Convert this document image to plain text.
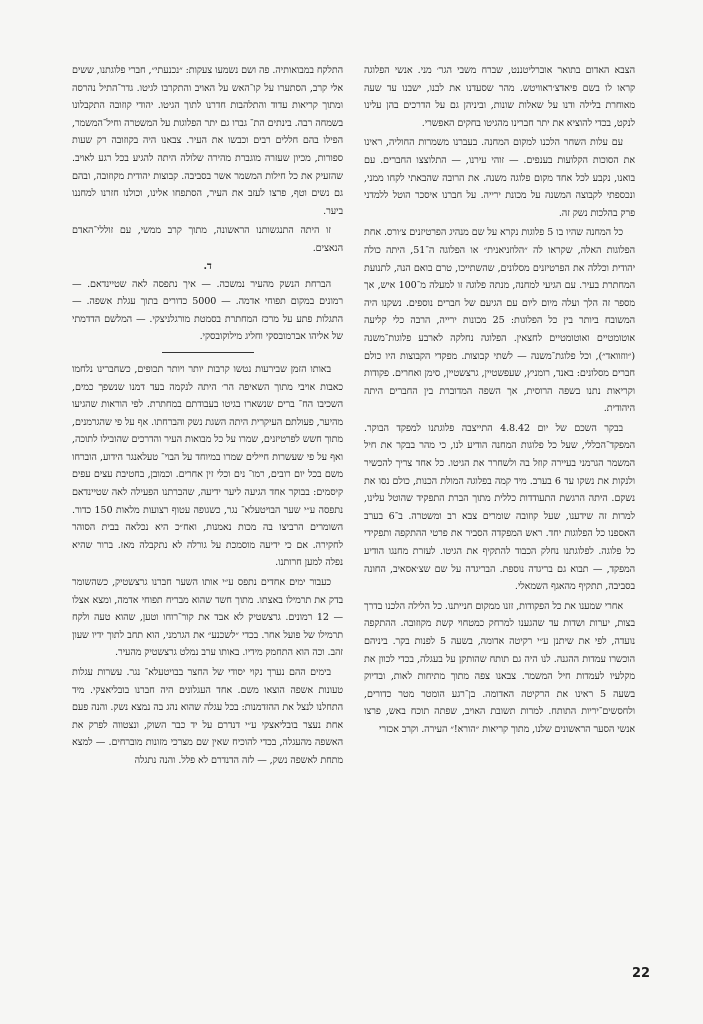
הצבא האדום בתואר אוברליטננט, שברח משבי הגר׳ מני. אנשי הפלוגה קראו לו בשם פיאדצ׳ראוויטש. מהר שסעדנו את לבנו, ישבנו עד שעה מאוחרת בלילה ודנו על שאלות שונות, וביניהן גם על הדרכים בהן עלינו לנקט, בכדי להוציא את יתר חברינו מהגיטו בחקים האפשרי.

עם עלות השחר הלכנו למקום המחנה. בעברנו משמרות החוליה, ראינו את הסוכות הקלועות בענפים. — זוהי עירנו, — התלוצצו החברים. עם בואנו, נקבע לכל אחד מקום פלוגה משנה. את הרובה שהבאתי לקחו ממני, ונכספתי לקבוצה המשנה על מכונת ירייה. על חברנו איסכר הוטל ללמדני פרק בהלכות נשק זה.

כל המחנה שהיו בו 5 פלוגות נקרא על שם מנהיג הפרטיזנים צ׳ורס. אחת הפלוגות האלה, שקראו לה ״הלוזניאנית״ או הפלוגה ה־51, היתה כולה יהודית וכללה את הפרטיזנים מסלונים, שהשתייכו, טרם בואם הנה, לתנועת המחתרת בעיר. עם הגיעי למחנה, מנתה פלוגה זו למעלה מ־100 איש, אך מספר זה הלך ועלה מיום ליום עם הגיעם של חברים נוספים. נשקנו היה המשובח ביותר בין כל הפלוגות: 25 מכונות ירייה, הרבה כלי קליעה אוטומטיים ואוטומטיים לחצאין. הפלוגה נחלקה לארבע פלוגות־משנה (״ווזוואד״), וכל פלוגת־משנה — לשתי קבוצות. מפקדי הקבוצות היו כולם חברים מסלונים: באנד, רומניץ, שעפשטיין, גרצשטיין, סימן ואחרים. פקודות וקריאות נתנו בשפה הרוסית, אך השפה המדוברת בין החברים היתה היהודית.

בבקר השכם של יום 4.8.42 התייצבה פלוגתנו למפקד הבוקר. המפקד־הכללי, שעל כל פלוגות המחנה הודיע לנו, כי מהר בבקר את חיל המשמר הגרמני בעיירה קוזל בה ולשחרר את הגיטו. כל אחד צריך להכשיר ולנקות את נשקו עד 6 בערב. מיד קמה בפלוגה המולת הכנות, כולם נסו את נשקם. היתה הרגשת התעודדות כללית מתוך הברת התפקיד שהוטל עלינו, למרות זה שידענו, שעל קוזובה שומרים צבא רב ומשטרה. ב־6 בערב האספנו כל הפלוגות יחד. ראש המפקדה הסביר את פרטי ההתקפה ותפקידי כל פלוגה. לפלוגתנו נחלק הכבוד להתקיף את הגיטו. לעזרת מחנגו הודיע המפקד, — תבוא גם בריגדה נוספת. הבריגדה על שם שצ׳אסאיב, החונה בסביבה, תתקיף מהאגף השמאלי.

אחרי שמענו את כל הפקודות, זזנו ממקום חנייתנו. כל הלילה הלכנו בדרך בצות, יערות ושדות עד שהגענו למרחק כמטחוי קשת מקוזובה. ההתקפה נועדה, לפי את שיתנן ע״י רקיטה אדומה, בשעה 5 לפנות בקר. ביניהם הוכשרו עמדות ההגנה. לנו היה גם תותח שהותקן על בעגלה, בכדי לכוון את מקלעיו לעמדות חיל המשמר. צבאנו צפה מתוך מתיחות לאות, ובדיוק בשעה 5 ראינו את הרקיטה האדומה. בן־רגע הומטר מטר כדורים, ולחסשים־יריות התותח. למרות תשובת האויב, שפתה תוכח באש, פרצו אנשי הסער הראשונים שלנו, מתוך קריאות ״הורא!״ העירה. וקרב אכזרי

התלקח במבואותיה. פה ושם נשמעו צעקות: ״נכנעתי״, חברי פלוגתנו, ששים אלי קרב, הסתערו על קו־האש על האויב והתקרבו לגיטו. גדר־התיל נהרסה ומתוך קריאות עדוד והתלהבות חדרנו לתוך הגיטו. יהודי קוזובה התקבלונו בשמחה רבה. בינתים הת־ גברו גם יתר הפלוגות על המשטרה וחיל־המשמר, הפילו בהם חללים רבים וכבשו את העיר. צבאנו היה בקוזובה רק שעות ספורות, מכיון שעזרה מוגברת מהירה שלולה היתה להגיע בכל רגע לאויב. שהזעיק את כל חילות המשמר אשר בסביבה. קבוצות יהודית מקוזובה, ובהם גם נשים וטף, פרצו לעזב את העיר, הסתפחו אלינו, וכולנו חזרנו למחננו ביער.

זו היתה התנגשותנו הראשונה, מתוך קרב ממשי, עם זוללי־האדם הנאצים.

ד.

הברחת הנשק מהעיר נמשכה. — איך נתפסה לאה שטיינדאם. — רמונים במקום תפוחי אדמה. — 5000 כדורים בתוך עגלת אשפה. — התגלות פתע על מרכז המחתרת בסמטת מורגלניצקי. — המלשם הדדמתי של אליהו אברמובסקי וחליג מילוקובסקי.

באותו הזמן שבירעות נטשו קרבות יותר ויותר תכופים, כשחברינו נלחמו כאבות אויבי מתוך השאיפה הר׳ היתה לנקמה בעד דמנו שנשפך כמים, השכיבו הח־ ברים שנשארו בגיטו בעבודתם במחתרת. לפי הוראות שהגיעו מהיער, פעולתם העיקרית היתה השגת נשק והברחתו. אף על פי שהגרמנים, מתוך חשש לפרטיזנים, שמרו על כל מבואות העיר והדרכים שהובילו לתוכה, ואף על פי שעשרות חיילים שמרו במיוחד על הבוי־ טעלאנגר הידוע, הוברחו משם בכל יום רובים, רמו־ נים וכלי זין אחרים. וכמובן, בחטיבת עצים עפים קיסמים: בבוקר אחד הגיעה ליער ידיעה, שהברתנו הפעילה לאה שטיינדאם נתפסה ע״י שער הבויטעלא־ נגר, כשגופה עטוף רצועות מלאות 150 כדור. השומרים הרביצו בה מכות נאמנות, ואח״כ היא נכלאה בבית הסוהר לחקירה. אם כי ידיעה מוסמכת על גורלה לא נתקבלה מאז. ברור שהיא נפלה למען חרותנו.

כעבור ימים אחדים נתפס ע״י אותו השער חברנו גרצשטיק, כשהשומר בדק את תרמילו באצתו. מתוך חשד שהוא מבריח תפוחי אדמה, ומצא אצלו — 12 רמונים. גרצשטיק לא אבד את קור־רוחו וטען, שהוא טעה ולקח תרמילו של פועל אחר. בכדי ״לשכנע״ את הגרמני, הוא תחב לתוך ידיו שעון זהב. וכה הוא התחמק מידיו. באותו ערב נמלט גרצשטיק מהעיר.

בימים ההם נערך נקוי יסודי של החצר בבויטעלא־ נגר. עשרות עגלות טעונות אשפה הוצאו משם. אחד העגלונים היה חברנו בובליאצקי. מיד התחלנו לנצל את ההזדמנות: בכל עגלה שהוא נהג בה נמצא נשק. והנה פעם אחת נעצר בובליאצקי ע״י דנדרם על יד כבר השוק, ונצטווה לפרק את האשפה מהעגלה, בכדי להוכיח שאין שם מצרכי מזונות מוברחים. — למצא מתחת לאשפה נשק, — לזה הדנדרם לא פלל. והנה נתגלה

22
